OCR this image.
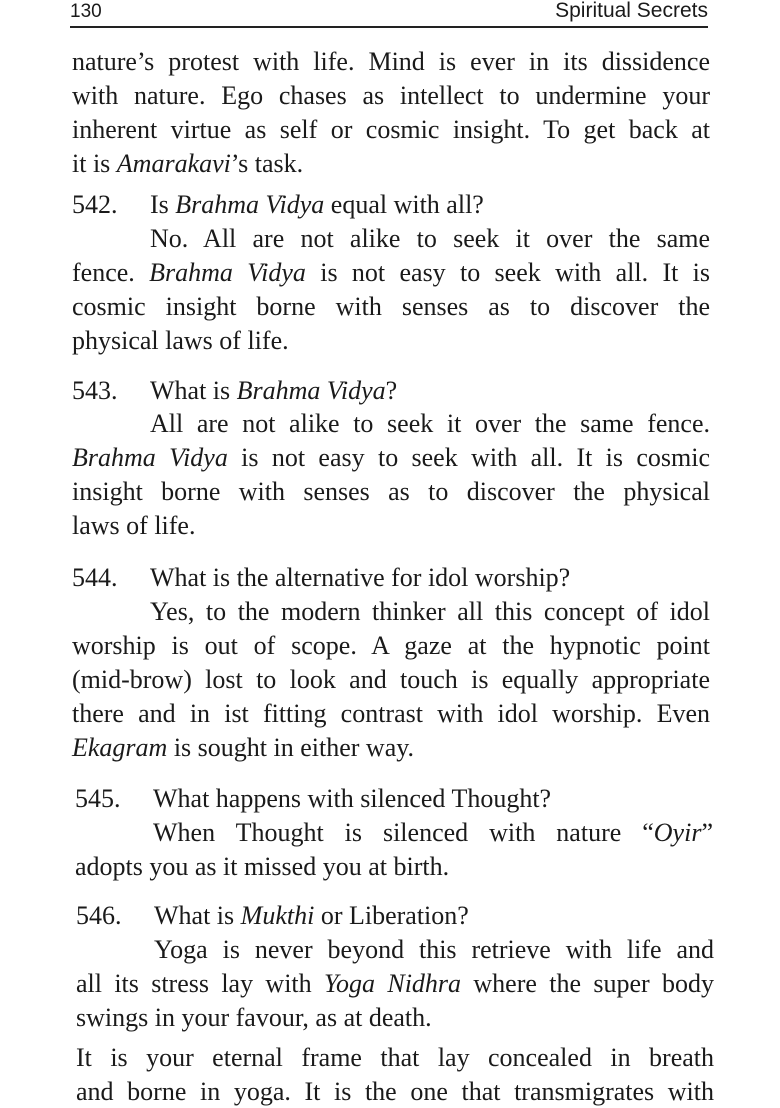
130	Spiritual Secrets
nature’s protest with life. Mind is ever in its dissidence
with nature. Ego chases as intellect to undermine your
inherent virtue as self or cosmic insight. To get back at
it is Amarakavi’s task.
542. Is Brahma Vidya equal with all?
No. All are not alike to seek it over the same
fence. Brahma Vidya is not easy to seek with all. It is
cosmic insight borne with senses as to discover the
physical laws of life.
543. What is Brahma Vidya?
All are not alike to seek it over the same fence.
Brahma Vidya is not easy to seek with all. It is cosmic
insight borne with senses as to discover the physical
laws of life.
544. What is the alternative for idol worship?
Yes, to the modern thinker all this concept of idol
worship is out of scope. A gaze at the hypnotic point
(mid-brow) lost to look and touch is equally appropriate
there and in ist fitting contrast with idol worship. Even
Ekagram is sought in either way.
545. What happens with silenced Thought?
When Thought is silenced with nature “Oyir”
adopts you as it missed you at birth.
546. What is Mukthi or Liberation?
Yoga is never beyond this retrieve with life and
all its stress lay with Yoga Nidhra where the super body
swings in your favour, as at death.
It is your eternal frame that lay concealed in breath
and borne in yoga. It is the one that transmigrates with
